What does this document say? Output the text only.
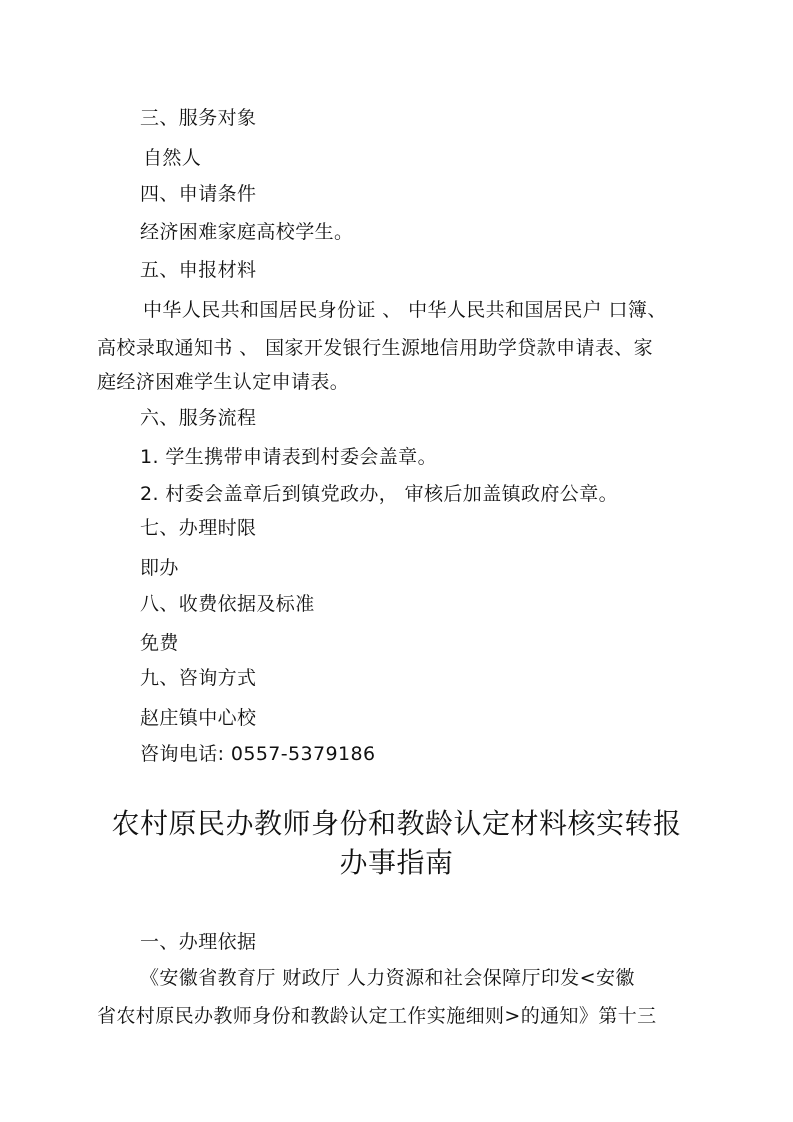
三、服务对象
自然人
四、申请条件
经济困难家庭高校学生。
五、申报材料
中华人民共和国居民身份证 、 中华人民共和国居民户 口簿、
高校录取通知书 、 国家开发银行生源地信用助学贷款申请表、家
庭经济困难学生认定申请表。
六、服务流程
1. 学生携带申请表到村委会盖章。
2. 村委会盖章后到镇党政办， 审核后加盖镇政府公章。
七、办理时限
即办
八、收费依据及标准
免费
九、咨询方式
赵庄镇中心校
咨询电话: 0557-5379186
农村原民办教师身份和教龄认定材料核实转报
办事指南
一、办理依据
《安徽省教育厅 财政厅 人力资源和社会保障厅印发<安徽
省农村原民办教师身份和教龄认定工作实施细则>的通知》第十三
